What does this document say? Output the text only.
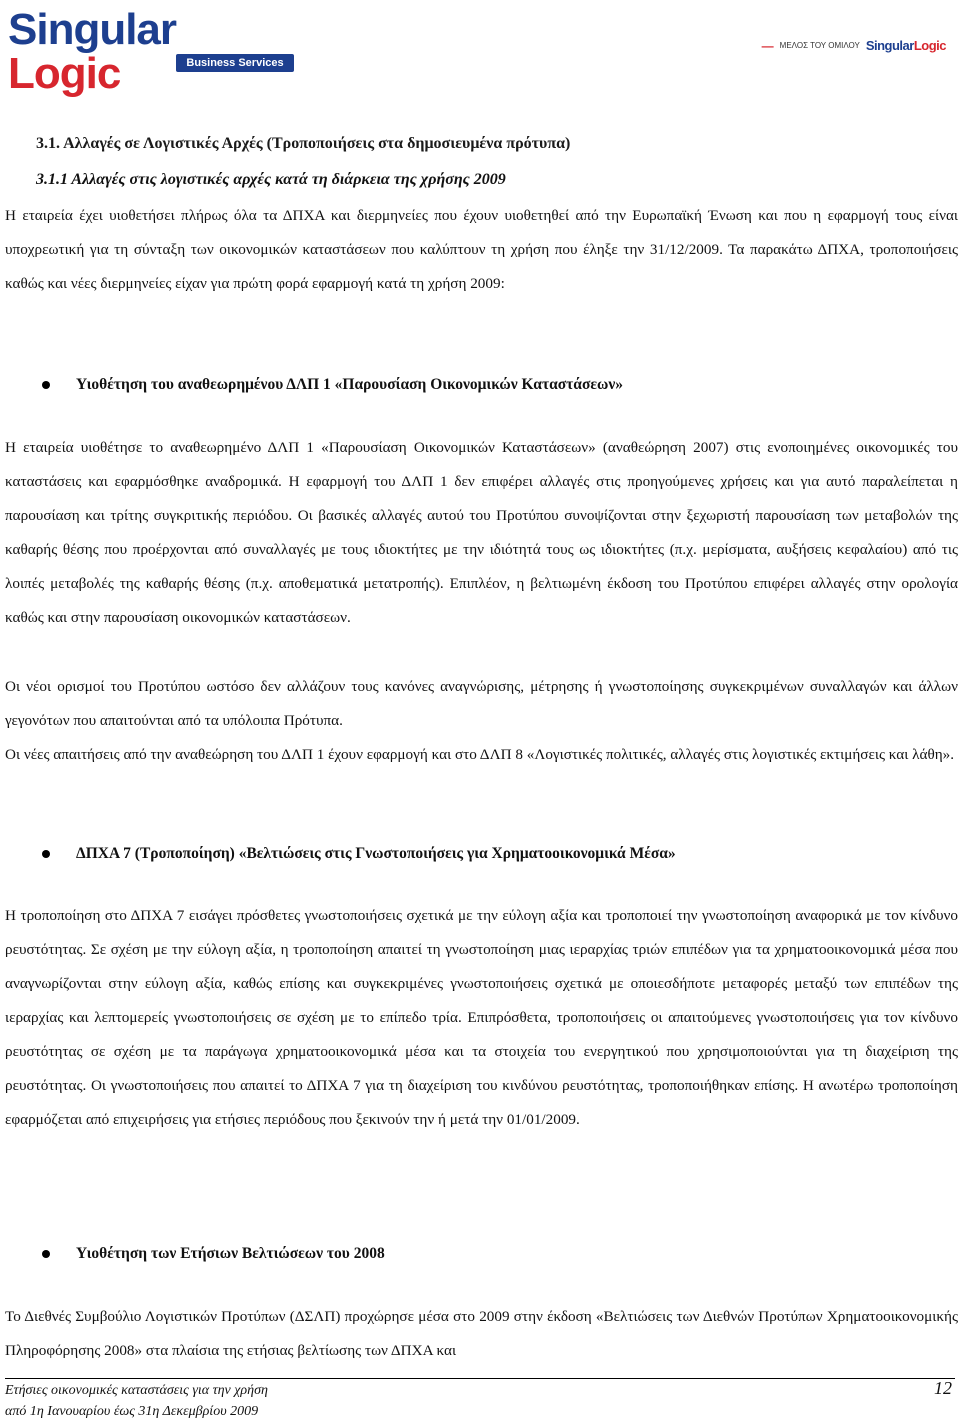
Singular Logic	Business Services
— ΜΕΛΟΣ ΤΟΥ ΟΜΙΛΟΥ SingularLogic
3.1. Αλλαγές σε Λογιστικές Αρχές (Τροποποιήσεις στα δημοσιευμένα πρότυπα)
3.1.1 Αλλαγές στις λογιστικές αρχές κατά τη διάρκεια της χρήσης 2009

Η εταιρεία έχει υιοθετήσει πλήρως όλα τα ΔΠΧΑ και διερμηνείες που έχουν υιοθετηθεί από την Ευρωπαϊκή Ένωση και που η εφαρμογή τους είναι υποχρεωτική για τη σύνταξη των οικονομικών καταστάσεων που καλύπτουν τη χρήση που έληξε την 31/12/2009. Τα παρακάτω ΔΠΧΑ, τροποποιήσεις καθώς και νέες διερμηνείες είχαν για πρώτη φορά εφαρμογή κατά τη χρήση 2009:

Υιοθέτηση του αναθεωρημένου ΔΛΠ 1 «Παρουσίαση Οικονομικών Καταστάσεων»

Η εταιρεία υιοθέτησε το αναθεωρημένο ΔΛΠ 1 «Παρουσίαση Οικονομικών Καταστάσεων» (αναθεώρηση 2007) στις ενοποιημένες οικονομικές του καταστάσεις και εφαρμόσθηκε αναδρομικά. Η εφαρμογή του ΔΛΠ 1 δεν επιφέρει αλλαγές στις προηγούμενες χρήσεις και για αυτό παραλείπεται η παρουσίαση και τρίτης συγκριτικής περιόδου. Οι βασικές αλλαγές αυτού του Προτύπου συνοψίζονται στην ξεχωριστή παρουσίαση των μεταβολών της καθαρής θέσης που προέρχονται από συναλλαγές με τους ιδιοκτήτες με την ιδιότητά τους ως ιδιοκτήτες (π.χ. μερίσματα, αυξήσεις κεφαλαίου) από τις λοιπές μεταβολές της καθαρής θέσης (π.χ. αποθεματικά μετατροπής). Επιπλέον, η βελτιωμένη έκδοση του Προτύπου επιφέρει αλλαγές στην ορολογία καθώς και στην παρουσίαση οικονομικών καταστάσεων.

Οι νέοι ορισμοί του Προτύπου ωστόσο δεν αλλάζουν τους κανόνες αναγνώρισης, μέτρησης ή γνωστοποίησης συγκεκριμένων συναλλαγών και άλλων γεγονότων που απαιτούνται από τα υπόλοιπα Πρότυπα.

Οι νέες απαιτήσεις από την αναθεώρηση του ΔΛΠ 1 έχουν εφαρμογή και στο ΔΛΠ 8 «Λογιστικές πολιτικές, αλλαγές στις λογιστικές εκτιμήσεις και λάθη».

ΔΠΧΑ 7 (Τροποποίηση) «Βελτιώσεις στις Γνωστοποιήσεις για Χρηματοοικονομικά Μέσα»

Η τροποποίηση στο ΔΠΧΑ 7 εισάγει πρόσθετες γνωστοποιήσεις σχετικά με την εύλογη αξία και τροποποιεί την γνωστοποίηση αναφορικά με τον κίνδυνο ρευστότητας. Σε σχέση με την εύλογη αξία, η τροποποίηση απαιτεί τη γνωστοποίηση μιας ιεραρχίας τριών επιπέδων για τα χρηματοοικονομικά μέσα που αναγνωρίζονται στην εύλογη αξία, καθώς επίσης και συγκεκριμένες γνωστοποιήσεις σχετικά με οποιεσδήποτε μεταφορές μεταξύ των επιπέδων της ιεραρχίας και λεπτομερείς γνωστοποιήσεις σε σχέση με το επίπεδο τρία. Επιπρόσθετα, τροποποιήσεις οι απαιτούμενες γνωστοποιήσεις για τον κίνδυνο ρευστότητας σε σχέση με τα παράγωγα χρηματοοικονομικά μέσα και τα στοιχεία του ενεργητικού που χρησιμοποιούνται για τη διαχείριση της ρευστότητας. Οι γνωστοποιήσεις που απαιτεί το ΔΠΧΑ 7 για τη διαχείριση του κινδύνου ρευστότητας, τροποποιήθηκαν επίσης. Η ανωτέρω τροποποίηση εφαρμόζεται από επιχειρήσεις για ετήσιες περιόδους που ξεκινούν την ή μετά την 01/01/2009.

Υιοθέτηση των Ετήσιων Βελτιώσεων του 2008

Το Διεθνές Συμβούλιο Λογιστικών Προτύπων (ΔΣΛΠ) προχώρησε μέσα στο 2009 στην έκδοση «Βελτιώσεις των Διεθνών Προτύπων Χρηματοοικονομικής Πληροφόρησης 2008» στα πλαίσια της ετήσιας βελτίωσης των ΔΠΧΑ και

Ετήσιες οικονομικές καταστάσεις για την χρήση
από 1η Ιανουαρίου έως 31η Δεκεμβρίου 2009
12
